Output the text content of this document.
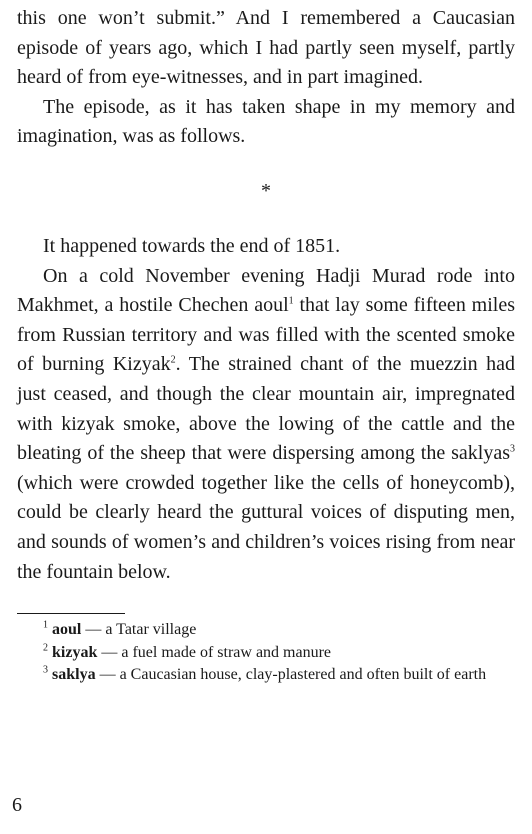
this one won’t submit.” And I remembered a Caucasian episode of years ago, which I had partly seen myself, partly heard of from eye-witnesses, and in part imagined.

The episode, as it has taken shape in my memory and imagination, was as follows.

*

It happened towards the end of 1851.

On a cold November evening Hadji Murad rode into Makhmet, a hostile Chechen aoul$^1$ that lay some fifteen miles from Russian territory and was filled with the scented smoke of burning Kizyak$^2$. The strained chant of the muezzin had just ceased, and though the clear mountain air, impregnated with kizyak smoke, above the lowing of the cattle and the bleating of the sheep that were dispersing among the saklyas$^3$ (which were crowded together like the cells of honeycomb), could be clearly heard the guttural voices of disputing men, and sounds of women’s and children’s voices rising from near the fountain below.

$^1$ aoul — a Tatar village

$^2$ kizyak — a fuel made of straw and manure

$^3$ saklya — a Caucasian house, clay-plastered and often built of earth

6
